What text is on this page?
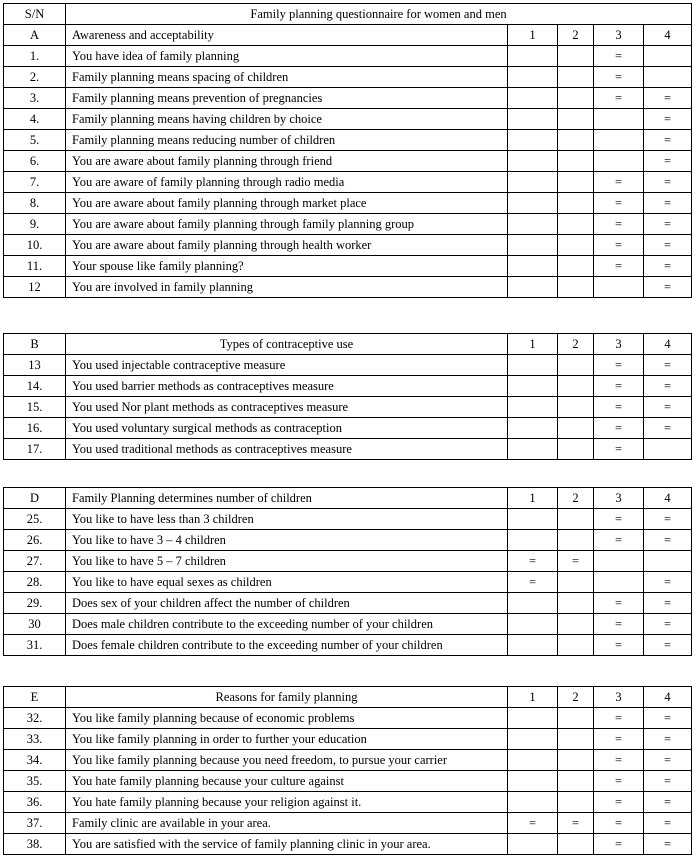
S/N	Family planning questionnaire for women and men				
A	Awareness and acceptability	1	2	3	4
1.	You have idea of family planning			=	
2.	Family planning means spacing of children			=	
3.	Family planning means prevention of pregnancies			=	=
4.	Family planning means having children by choice				=
5.	Family planning means reducing number of children				=
6.	You are aware about family planning through friend				=
7.	You are aware of family planning through radio media			=	=
8.	You are aware about family planning through market place			=	=
9.	You are aware about family planning through family planning group			=	=
10.	You are aware about family planning through health worker			=	=
11.	Your spouse like family planning?			=	=
12	You are involved in family planning				=
B	Types of contraceptive use	1	2	3	4
13	You used injectable contraceptive measure			=	=
14.	You used barrier methods as contraceptives measure			=	=
15.	You used Nor plant methods as contraceptives measure			=	=
16.	You used voluntary surgical methods as contraception			=	=
17.	You used traditional methods as contraceptives measure			=	
D	Family Planning determines number of children	1	2	3	4
25.	You like to have less than 3 children			=	=
26.	You like to have 3 – 4 children			=	=
27.	You like to have 5 – 7 children	=	=		
28.	You like to have equal sexes as children	=			=
29.	Does sex of your children affect the number of children			=	=
30	Does male children contribute to the exceeding number of your children			=	=
31.	Does female children contribute to the exceeding number of your children			=	=
E	Reasons for family planning	1	2	3	4
32.	You like family planning because of economic problems			=	=
33.	You like family planning in order to further your education			=	=
34.	You like family planning because you need freedom, to pursue your carrier			=	=
35.	You hate family planning because your culture against			=	=
36.	You hate family planning because your religion against it.			=	=
37.	Family clinic are available in your area.	=	=	=	=
38.	You are satisfied with the service of family planning clinic in your area.			=	=
